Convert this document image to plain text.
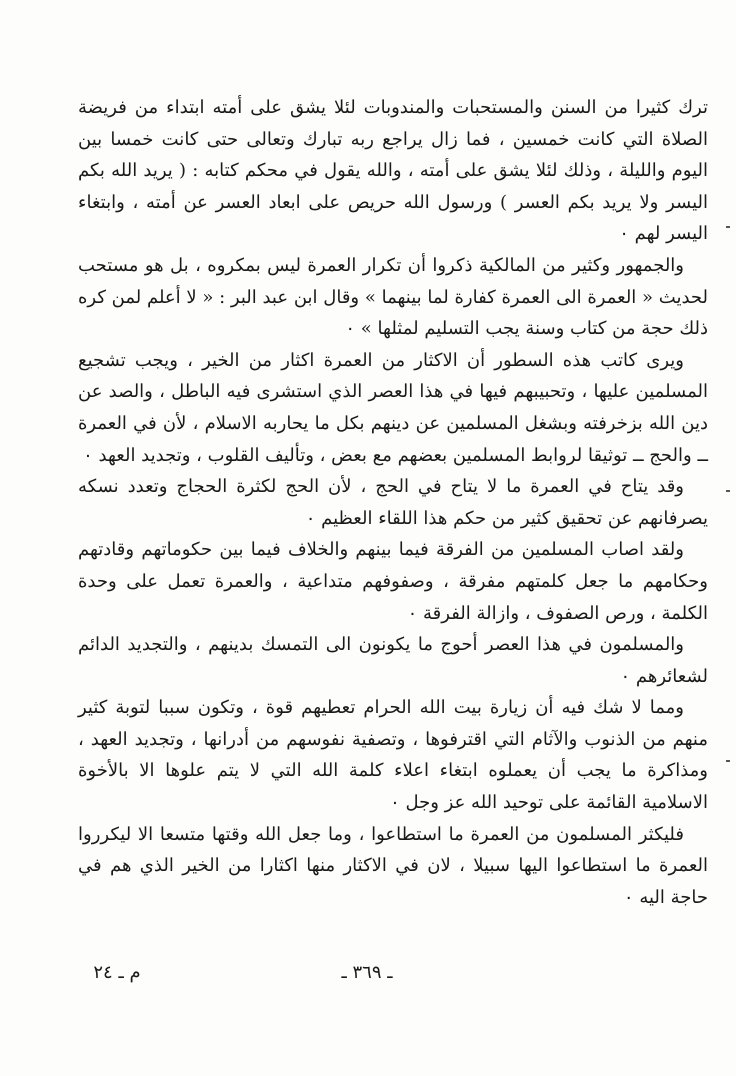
ترك كثيرا من السنن والمستحبات والمندوبات لئلا يشق على أمته ابتداء من فريضة الصلاة التي كانت خمسين ، فما زال يراجع ربه تبارك وتعالى حتى كانت خمسا بين اليوم والليلة ، وذلك لئلا يشق على أمته ، والله يقول في محكم كتابه : ( يريد الله بكم اليسر ولا يريد بكم العسر ) ورسول الله حريص على ابعاد العسر عن أمته ، وابتغاء اليسر لهم ٠

والجمهور وكثير من المالكية ذكروا أن تكرار العمرة ليس بمكروه ، بل هو مستحب لحديث « العمرة الى العمرة كفارة لما بينهما » وقال ابن عبد البر : « لا أعلم لمن كره ذلك حجة من كتاب وسنة يجب التسليم لمثلها » ٠

ويرى كاتب هذه السطور أن الاكثار من العمرة اكثار من الخير ، ويجب تشجيع المسلمين عليها ، وتحبيبهم فيها في هذا العصر الذي استشرى فيه الباطل ، والصد عن دين الله بزخرفته وبشغل المسلمين عن دينهم بكل ما يحاربه الاسلام ، لأن في العمرة ــ والحج ــ توثيقا لروابط المسلمين بعضهم مع بعض ، وتأليف القلوب ، وتجديد العهد ٠

وقد يتاح في العمرة ما لا يتاح في الحج ، لأن الحج لكثرة الحجاج وتعدد نسكه يصرفانهم عن تحقيق كثير من حكم هذا اللقاء العظيم ٠

ولقد اصاب المسلمين من الفرقة فيما بينهم والخلاف فيما بين حكوماتهم وقادتهم وحكامهم ما جعل كلمتهم مفرقة ، وصفوفهم متداعية ، والعمرة تعمل على وحدة الكلمة ، ورص الصفوف ، وازالة الفرقة ٠

والمسلمون في هذا العصر أحوج ما يكونون الى التمسك بدينهم ، والتجديد الدائم لشعائرهم ٠

ومما لا شك فيه أن زيارة بيت الله الحرام تعطيهم قوة ، وتكون سببا لتوبة كثير منهم من الذنوب والآثام التي اقترفوها ، وتصفية نفوسهم من أدرانها ، وتجديد العهد ، ومذاكرة ما يجب أن يعملوه ابتغاء اعلاء كلمة الله التي لا يتم علوها الا بالأخوة الاسلامية القائمة على توحيد الله عز وجل ٠

فليكثر المسلمون من العمرة ما استطاعوا ، وما جعل الله وقتها متسعا الا ليكرروا العمرة ما استطاعوا اليها سبيلا ، لان في الاكثار منها اكثارا من الخير الذي هم في حاجة اليه ٠

ـ ٣٦٩ ـ
م ـ ٢٤
